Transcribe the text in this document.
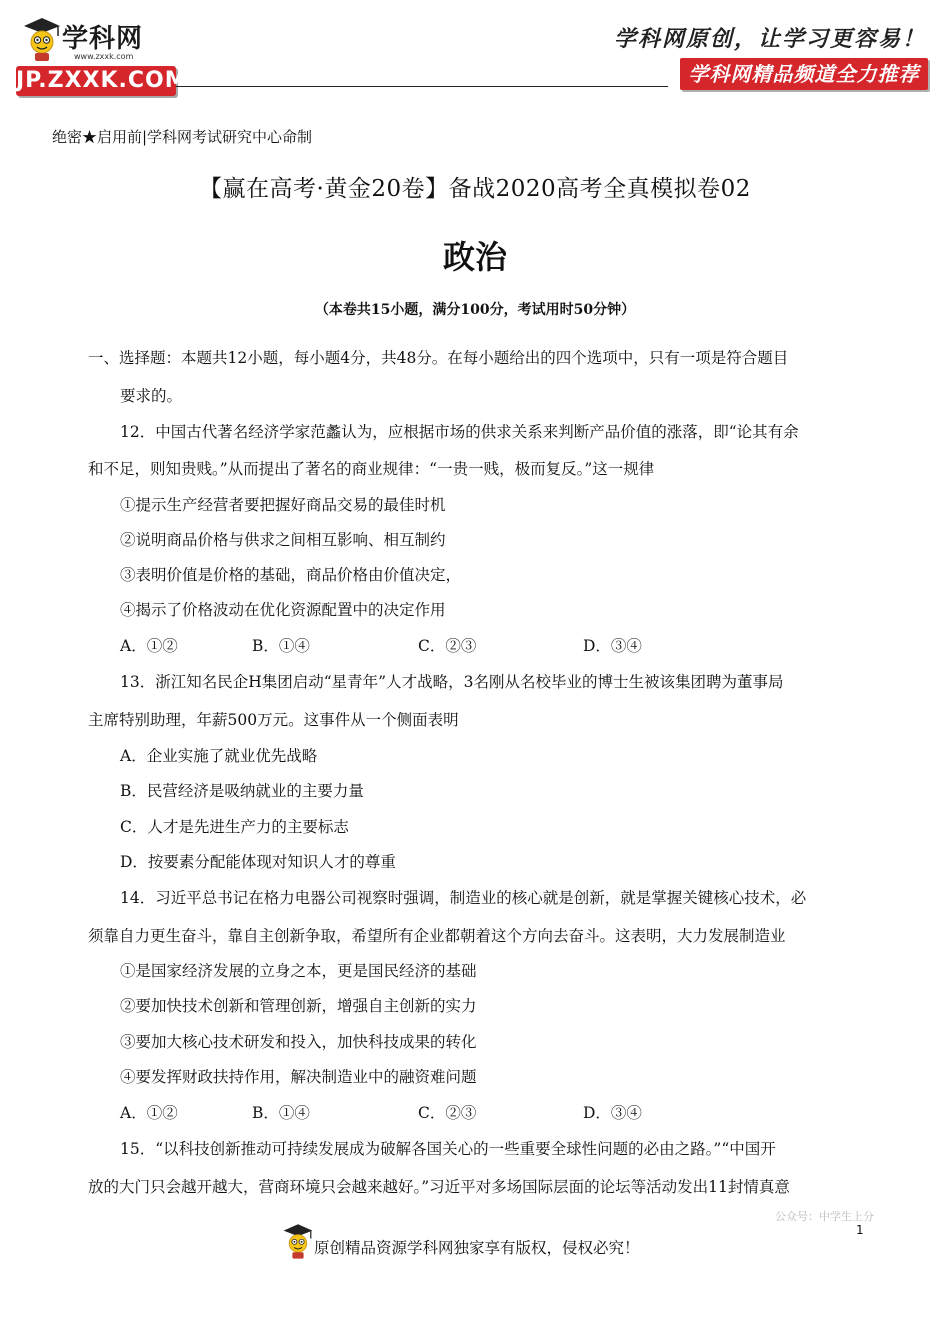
学科网
www.zxxk.com
JP.ZXXK.COM
学科网原创，让学习更容易！
学科网精品频道全力推荐
绝密★启用前|学科网考试研究中心命制
【赢在高考·黄金20卷】备战2020高考全真模拟卷02
政治
（本卷共15小题，满分100分，考试用时50分钟）
一、选择题：本题共12小题，每小题4分，共48分。在每小题给出的四个选项中，只有一项是符合题目
要求的。
12．中国古代著名经济学家范蠡认为，应根据市场的供求关系来判断产品价值的涨落，即“论其有余
和不足，则知贵贱。”从而提出了著名的商业规律：“一贵一贱，极而复反。”这一规律
①提示生产经营者要把握好商品交易的最佳时机
②说明商品价格与供求之间相互影响、相互制约
③表明价值是价格的基础，商品价格由价值决定，
④揭示了价格波动在优化资源配置中的决定作用
A．①②	B．①④	C．②③	D．③④
13．浙江知名民企H集团启动“星青年”人才战略，3名刚从名校毕业的博士生被该集团聘为董事局
主席特别助理，年薪500万元。这事件从一个侧面表明
A．企业实施了就业优先战略
B．民营经济是吸纳就业的主要力量
C．人才是先进生产力的主要标志
D．按要素分配能体现对知识人才的尊重
14．习近平总书记在格力电器公司视察时强调，制造业的核心就是创新，就是掌握关键核心技术，必
须靠自力更生奋斗，靠自主创新争取，希望所有企业都朝着这个方向去奋斗。这表明，大力发展制造业
①是国家经济发展的立身之本，更是国民经济的基础
②要加快技术创新和管理创新，增强自主创新的实力
③要加大核心技术研发和投入，加快科技成果的转化
④要发挥财政扶持作用，解决制造业中的融资难问题
A．①②	B．①④	C．②③	D．③④
15．“以科技创新推动可持续发展成为破解各国关心的一些重要全球性问题的必由之路。”“中国开
放的大门只会越开越大，营商环境只会越来越好。”习近平对多场国际层面的论坛等活动发出11封情真意
公众号：中学生上分
1
原创精品资源学科网独家享有版权，侵权必究！
